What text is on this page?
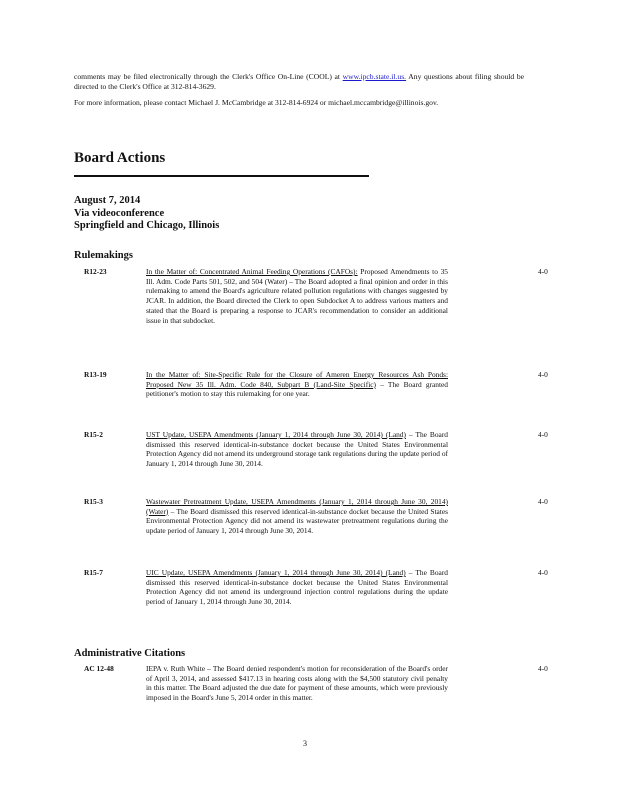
comments may be filed electronically through the Clerk's Office On-Line (COOL) at www.ipcb.state.il.us. Any questions about filing should be directed to the Clerk's Office at 312-814-3629.

For more information, please contact Michael J. McCambridge at 312-814-6924 or michael.mccambridge@illinois.gov.

Board Actions
August 7, 2014
Via videoconference
Springfield and Chicago, Illinois
Rulemakings
R12-23	In the Matter of: Concentrated Animal Feeding Operations (CAFOs): Proposed Amendments to 35 Ill. Adm. Code Parts 501, 502, and 504 (Water) – The Board adopted a final opinion and order in this rulemaking to amend the Board's agriculture related pollution regulations with changes suggested by JCAR. In addition, the Board directed the Clerk to open Subdocket A to address various matters and stated that the Board is preparing a response to JCAR's recommendation to consider an additional issue in that subdocket.
4-0
R13-19	In the Matter of: Site-Specific Rule for the Closure of Ameren Energy Resources Ash Ponds: Proposed New 35 Ill. Adm. Code 840, Subpart B (Land-Site Specific) – The Board granted petitioner's motion to stay this rulemaking for one year.
4-0
R15-2	UST Update, USEPA Amendments (January 1, 2014 through June 30, 2014) (Land) – The Board dismissed this reserved identical-in-substance docket because the United States Environmental Protection Agency did not amend its underground storage tank regulations during the update period of January 1, 2014 through June 30, 2014.
4-0
R15-3	Wastewater Pretreatment Update, USEPA Amendments (January 1, 2014 through June 30, 2014) (Water) – The Board dismissed this reserved identical-in-substance docket because the United States Environmental Protection Agency did not amend its wastewater pretreatment regulations during the update period of January 1, 2014 through June 30, 2014.
4-0
R15-7	UIC Update, USEPA Amendments (January 1, 2014 through June 30, 2014) (Land) – The Board dismissed this reserved identical-in-substance docket because the United States Environmental Protection Agency did not amend its underground injection control regulations during the update period of January 1, 2014 through June 30, 2014.
4-0
Administrative Citations
AC 12-48	IEPA v. Ruth White – The Board denied respondent's motion for reconsideration of the Board's order of April 3, 2014, and assessed $417.13 in hearing costs along with the $4,500 statutory civil penalty in this matter. The Board adjusted the due date for payment of these amounts, which were previously imposed in the Board's June 5, 2014 order in this matter.
4-0
3
